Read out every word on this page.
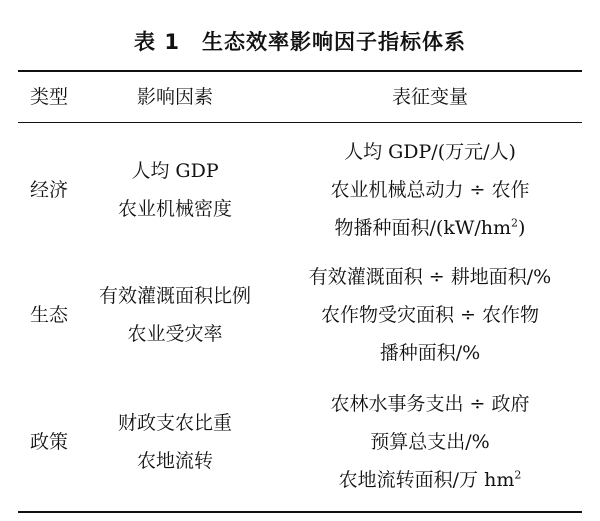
表 1 生态效率影响因子指标体系
类型	影响因素	表征变量
经济
人均 GDP
农业机械密度
人均 GDP/(万元/人)
农业机械总动力 ÷ 农作
物播种面积$/(kW/hm^2)$
生态
有效灌溉面积比例
农业受灾率
有效灌溉面积 ÷ 耕地面积/%
农作物受灾面积 ÷ 农作物
播种面积/%
政策
财政支农比重
农地流转
农林水事务支出 ÷ 政府
预算总支出/%
农地流转面积/万 $hm^2$
